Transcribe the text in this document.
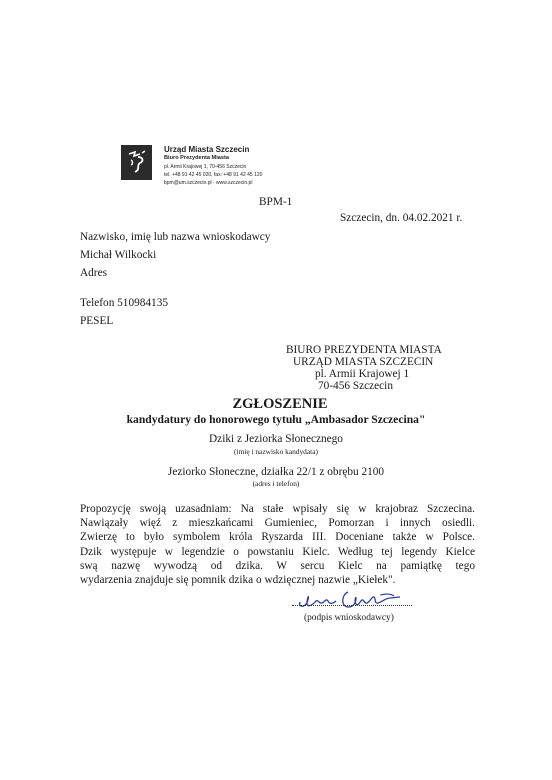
Urząd Miasta Szczecin
Biuro Prezydenta Miasta
pl. Armii Krajowej 1, 70-456 Szczecin
tel. +48 91 42 45 020, fax: +48 91 42 45 120
bpm@um.szczecin.pl · www.szczecin.pl
BPM-1
Szczecin, dn. 04.02.2021 r.
Nazwisko, imię lub nazwa wnioskodawcy
Michał Wilkocki
Adres
Telefon 510984135
PESEL
BIURO PREZYDENTA MIASTA
URZĄD MIASTA SZCZECIN
pl. Armii Krajowej 1
70-456 Szczecin
ZGŁOSZENIE
kandydatury do honorowego tytułu „Ambasador Szczecina"
Dziki z Jeziorka Słonecznego
(imię i nazwisko kandydata)
Jeziorko Słoneczne, działka 22/1 z obrębu 2100
(adres i telefon)
Propozycję swoją uzasadniam: Na stałe wpisały się w krajobraz Szczecina.
Nawiązały więź z mieszkańcami Gumieniec, Pomorzan i innych osiedli.
Zwierzę to było symbolem króla Ryszarda III. Doceniane także w Polsce.
Dzik występuje w legendzie o powstaniu Kielc. Według tej legendy Kielce
swą nazwę wywodzą od dzika. W sercu Kielc na pamiątkę tego
wydarzenia znajduje się pomnik dzika o wdzięcznej nazwie „Kiełek".
(podpis wnioskodawcy)
